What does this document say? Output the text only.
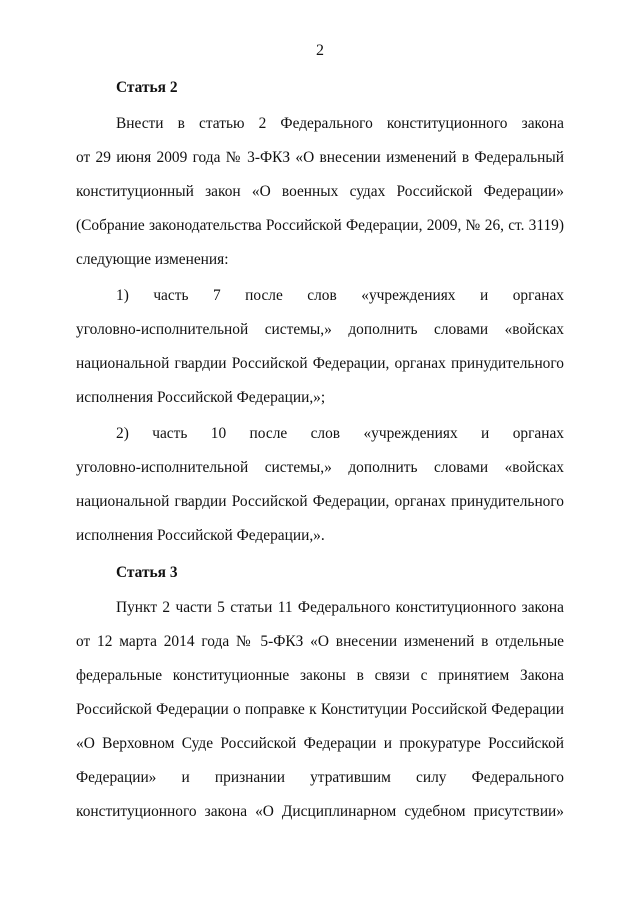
2
Статья 2
Внести в статью 2 Федерального конституционного закона
от 29 июня 2009 года № 3-ФКЗ «О внесении изменений в Федеральный
конституционный закон «О военных судах Российской Федерации»
(Собрание законодательства Российской Федерации, 2009, № 26, ст. 3119)
следующие изменения:
1) часть 7 после слов «учреждениях и органах
уголовно-исполнительной системы,» дополнить словами «войсках
национальной гвардии Российской Федерации, органах принудительного
исполнения Российской Федерации,»;
2) часть 10 после слов «учреждениях и органах
уголовно-исполнительной системы,» дополнить словами «войсках
национальной гвардии Российской Федерации, органах принудительного
исполнения Российской Федерации,».
Статья 3
Пункт 2 части 5 статьи 11 Федерального конституционного закона
от 12 марта 2014 года № 5-ФКЗ «О внесении изменений в отдельные
федеральные конституционные законы в связи с принятием Закона
Российской Федерации о поправке к Конституции Российской Федерации
«О Верховном Суде Российской Федерации и прокуратуре Российской
Федерации» и признании утратившим силу Федерального
конституционного закона «О Дисциплинарном судебном присутствии»
